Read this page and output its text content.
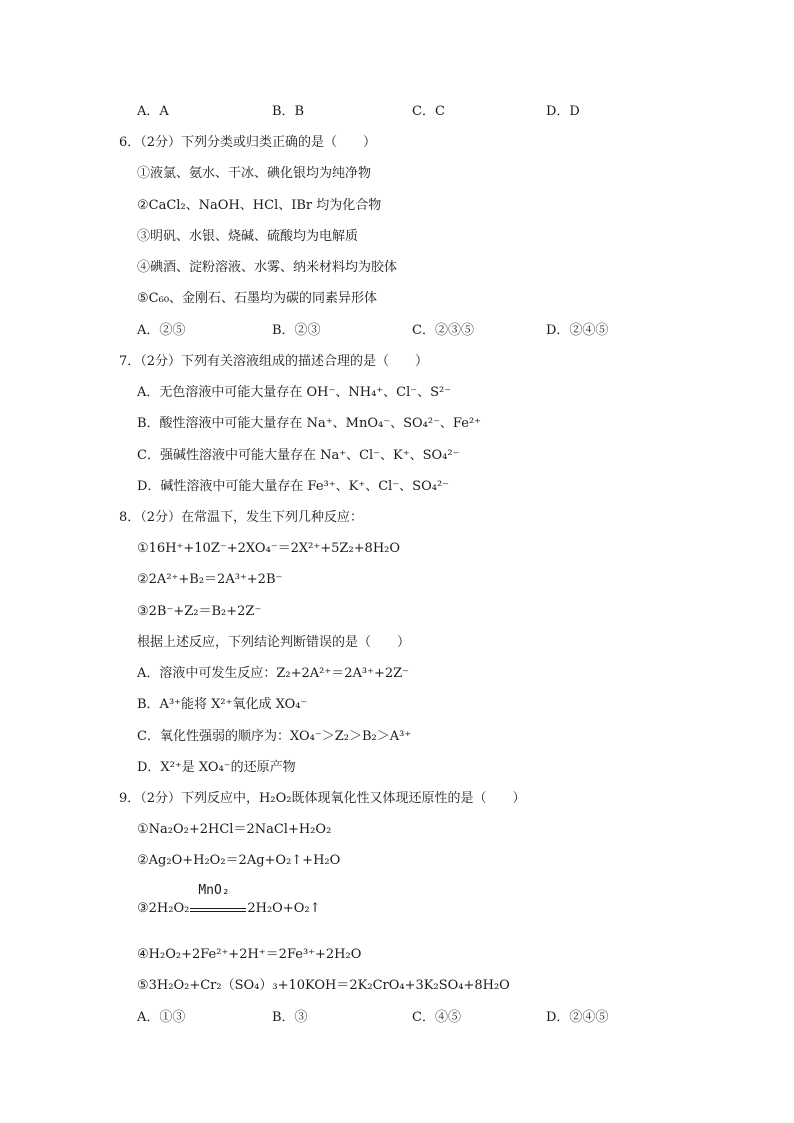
A．A	B．B	C．C	D．D
6．（2分）下列分类或归类正确的是（　　）
①液氯、氨水、干冰、碘化银均为纯净物
②CaCl₂、NaOH、HCl、IBr 均为化合物
③明矾、水银、烧碱、硫酸均为电解质
④碘酒、淀粉溶液、水雾、纳米材料均为胶体
⑤C₆₀、金刚石、石墨均为碳的同素异形体
A．②⑤	B．②③	C．②③⑤	D．②④⑤
7．（2分）下列有关溶液组成的描述合理的是（　　）
A．无色溶液中可能大量存在 OH⁻、NH₄⁺、Cl⁻、S²⁻
B．酸性溶液中可能大量存在 Na⁺、MnO₄⁻、SO₄²⁻、Fe²⁺
C．强碱性溶液中可能大量存在 Na⁺、Cl⁻、K⁺、SO₄²⁻
D．碱性溶液中可能大量存在 Fe³⁺、K⁺、Cl⁻、SO₄²⁻
8．（2分）在常温下，发生下列几种反应：
①16H⁺+10Z⁻+2XO₄⁻＝2X²⁺+5Z₂+8H₂O
②2A²⁺+B₂＝2A³⁺+2B⁻
③2B⁻+Z₂＝B₂+2Z⁻
根据上述反应，下列结论判断错误的是（　　）
A．溶液中可发生反应：Z₂+2A²⁺＝2A³⁺+2Z⁻
B．A³⁺能将 X²⁺氧化成 XO₄⁻
C．氧化性强弱的顺序为：XO₄⁻＞Z₂＞B₂＞A³⁺
D．X²⁺是 XO₄⁻的还原产物
9．（2分）下列反应中，H₂O₂既体现氧化性又体现还原性的是（　　）
①Na₂O₂+2HCl＝2NaCl+H₂O₂
②Ag₂O+H₂O₂＝2Ag+O₂↑+H₂O
③2H₂O₂
MnO₂
2H₂O+O₂↑
④H₂O₂+2Fe²⁺+2H⁺＝2Fe³⁺+2H₂O
⑤3H₂O₂+Cr₂（SO₄）₃+10KOH＝2K₂CrO₄+3K₂SO₄+8H₂O
A．①③	B．③	C．④⑤	D．②④⑤
